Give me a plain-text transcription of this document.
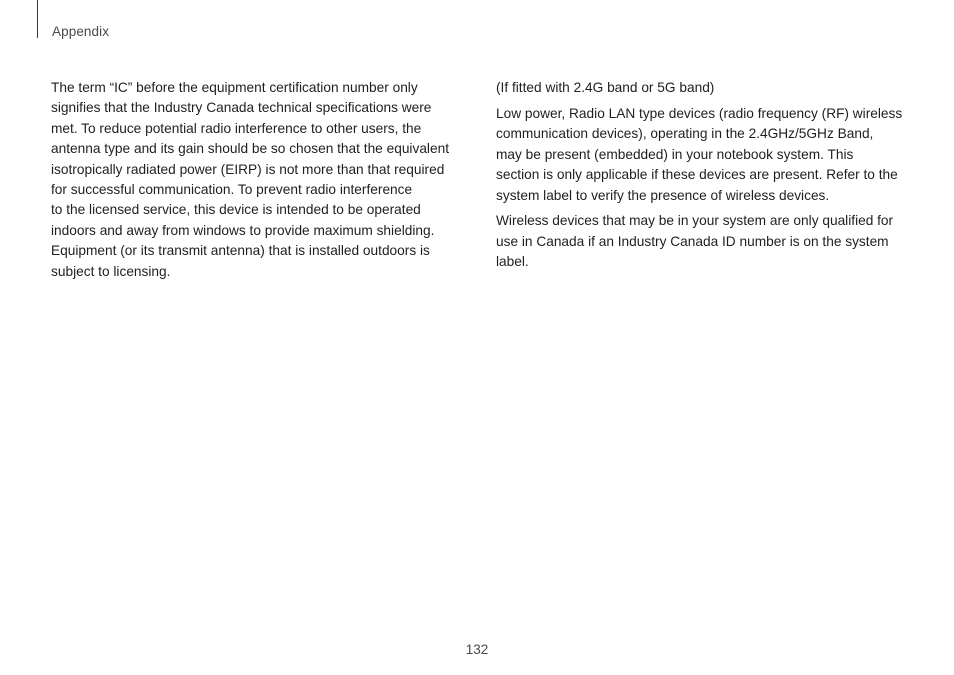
Appendix

The term “IC” before the equipment certification number only
signifies that the Industry Canada technical specifications were
met. To reduce potential radio interference to other users, the
antenna type and its gain should be so chosen that the equivalent
isotropically radiated power (EIRP) is not more than that required
for successful communication. To prevent radio interference
to the licensed service, this device is intended to be operated
indoors and away from windows to provide maximum shielding.
Equipment (or its transmit antenna) that is installed outdoors is
subject to licensing.

(If fitted with 2.4G band or 5G band)

Low power, Radio LAN type devices (radio frequency (RF) wireless
communication devices), operating in the 2.4GHz/5GHz Band,
may be present (embedded) in your notebook system. This
section is only applicable if these devices are present. Refer to the
system label to verify the presence of wireless devices.

Wireless devices that may be in your system are only qualified for
use in Canada if an Industry Canada ID number is on the system
label.

132
